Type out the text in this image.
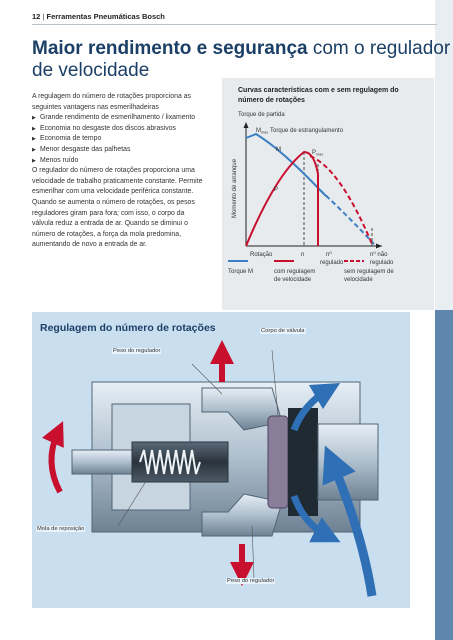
12 | Ferramentas Pneumáticas Bosch
Maior rendimento e segurança com o regulador de velocidade

A regulagem do número de rotações proporciona as seguintes vantagens nas esmerilhadeiras

▶ Grande rendimento de esmerilhamento / lixamento
▶ Economia no desgaste dos discos abrasivos
▶ Economia de tempo
▶ Menor desgaste das palhetas
▶ Menos ruído

O regulador do número de rotações proporciona uma velocidade de trabalho praticamente constante. Permite esmerilhar com uma velocidade periférica constante. Quando se aumenta o número de rotações, os pesos reguladores giram para fora; com isso, o corpo da válvula reduz a entrada de ar. Quando se diminui o número de rotações, a força da mola predomina, aumentando de novo a entrada de ar.

Curvas características com e sem regulagem do número de rotações
Torque de partida
Momento de arranque
$M_{max}$ Torque de estrangulamento
M	$P_{max}$
P
Rotação	n	n⁰
regulado
n⁰ não
regulado
Torque M	com regulagem
de velocidade
sem regulagem de
velocidade
Regulagem do número de rotações	Corpo de válvula
Peso do regulador
Mola de reposição
Peso do regulador
